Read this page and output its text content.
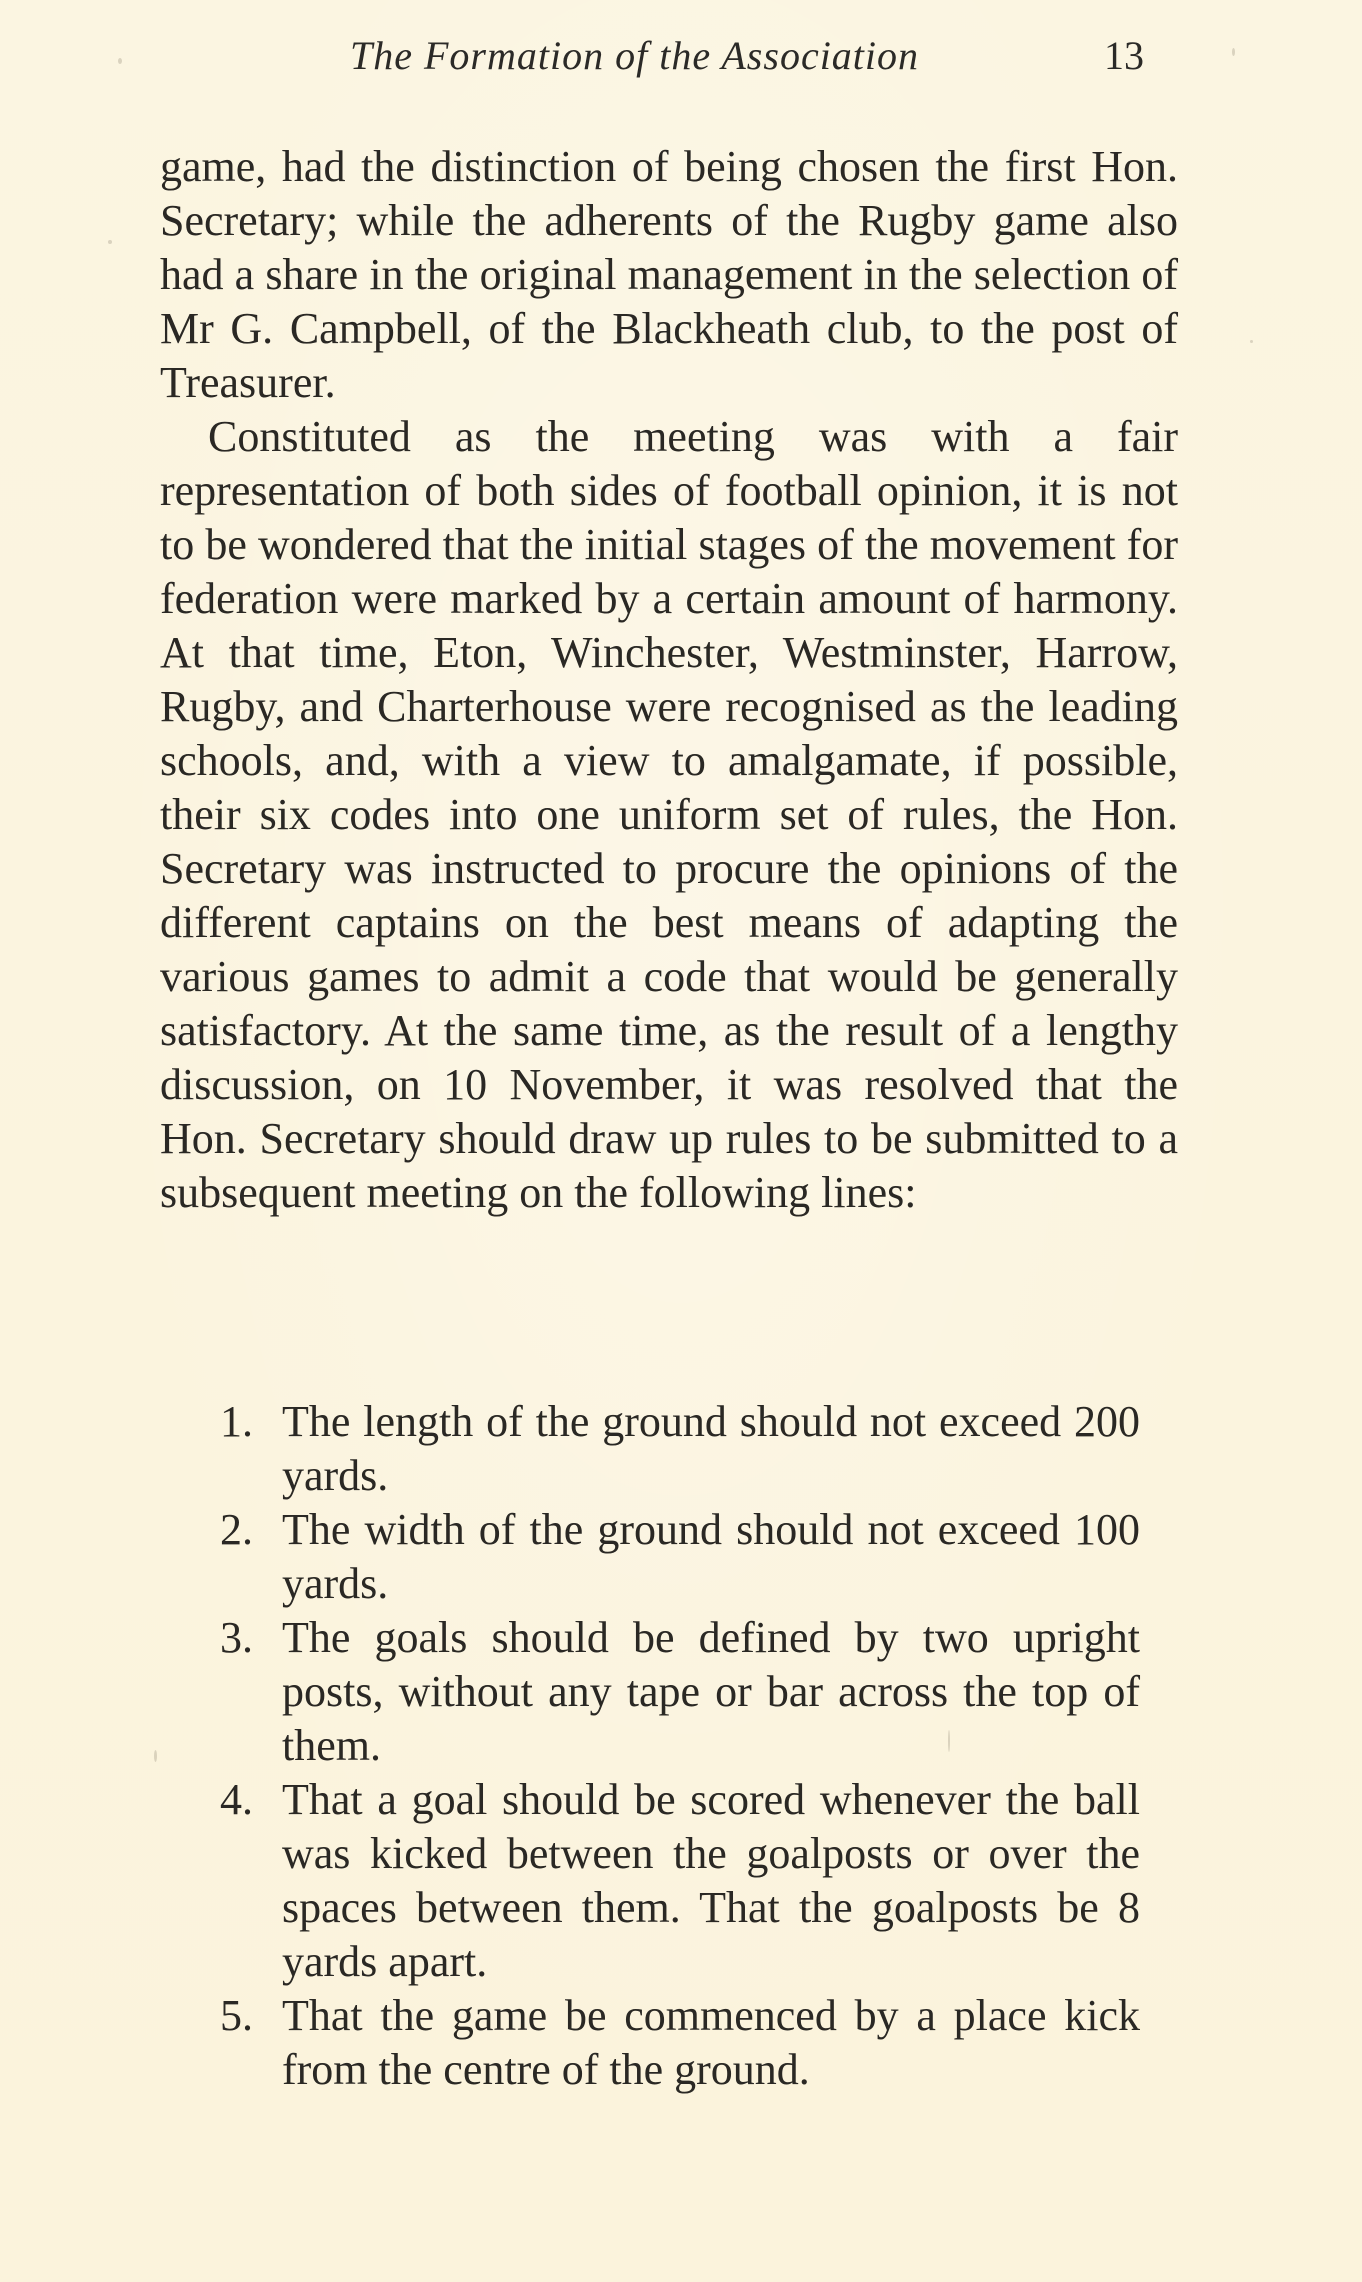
The Formation of the Association	13

game, had the distinction of being chosen the first Hon. Secretary; while the adherents of the Rugby game also had a share in the original management in the selection of Mr G. Campbell, of the Blackheath club, to the post of Treasurer.

Constituted as the meeting was with a fair representation of both sides of football opinion, it is not to be wondered that the initial stages of the movement for federation were marked by a certain amount of harmony. At that time, Eton, Winchester, Westminster, Harrow, Rugby, and Charterhouse were recognised as the leading schools, and, with a view to amalgamate, if possible, their six codes into one uniform set of rules, the Hon. Secretary was instructed to procure the opinions of the different captains on the best means of adapting the various games to admit a code that would be generally satisfactory. At the same time, as the result of a lengthy discussion, on 10 November, it was resolved that the Hon. Secretary should draw up rules to be submitted to a subsequent meeting on the following lines:

1. The length of the ground should not exceed 200 yards.
2. The width of the ground should not exceed 100 yards.
3. The goals should be defined by two upright posts, without any tape or bar across the top of them.
4. That a goal should be scored whenever the ball was kicked between the goalposts or over the spaces between them. That the goalposts be 8 yards apart.
5. That the game be commenced by a place kick from the centre of the ground.
